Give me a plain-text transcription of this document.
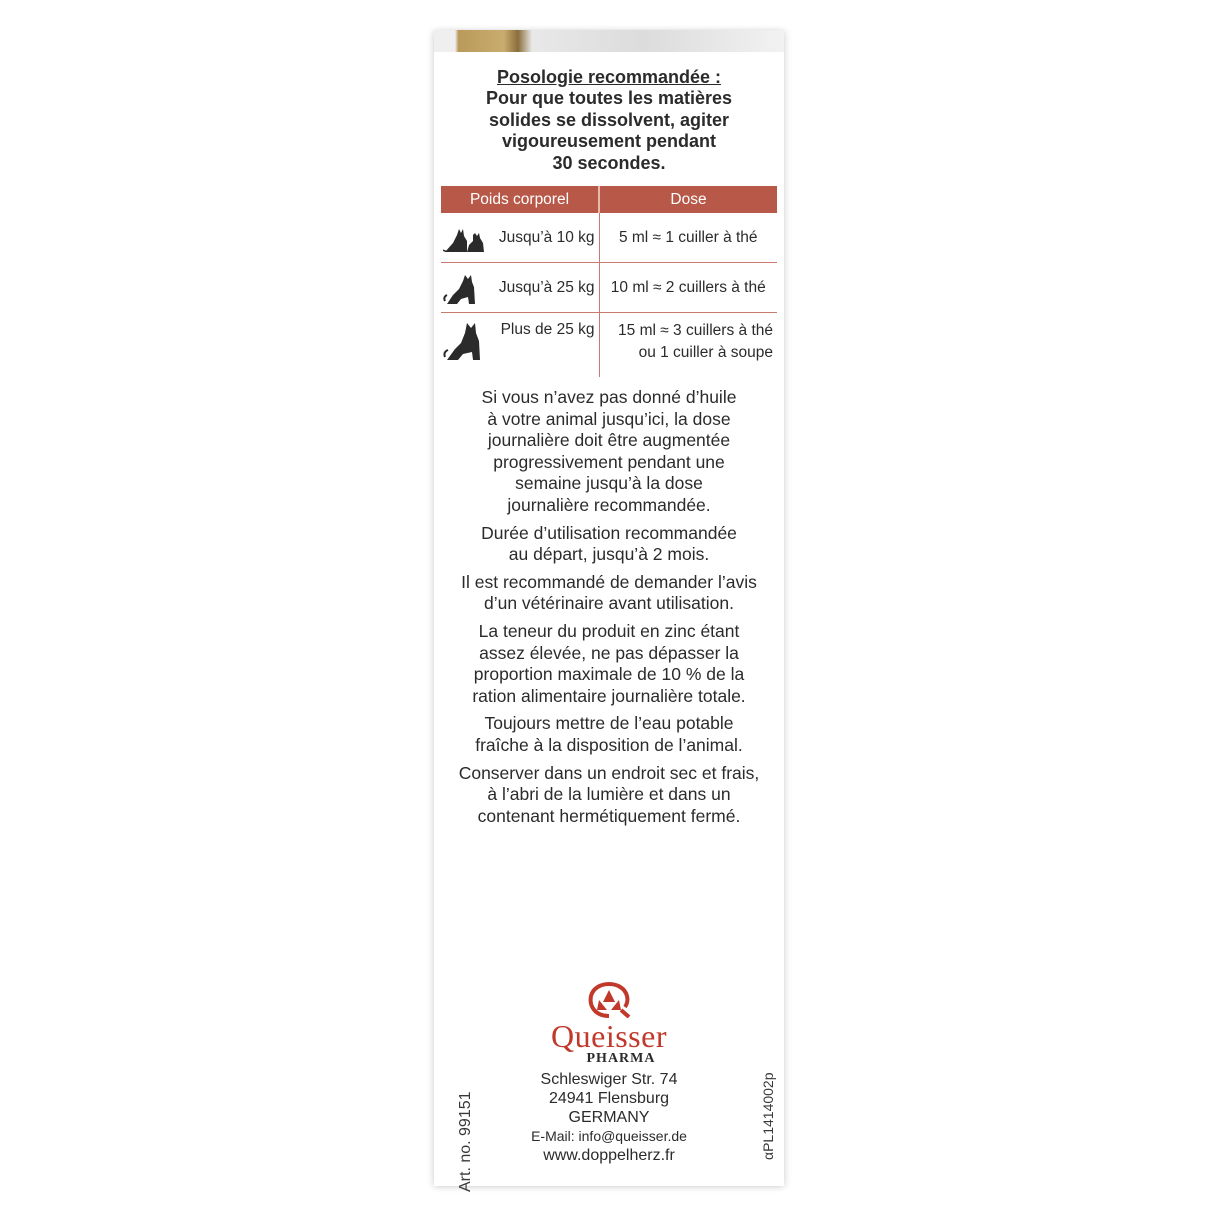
Posologie recommandée :

Pour que toutes les matières
solides se dissolvent, agiter
vigoureusement pendant
30 secondes.

Poids corporel	Dose

Jusqu’à 10 kg	5 ml ≈ 1 cuiller à thé

Jusqu’à 25 kg	10 ml ≈ 2 cuillers à thé

Plus de 25 kg	15 ml ≈ 3 cuillers à thé
ou 1 cuiller à soupe

Si vous n’avez pas donné d’huile
à votre animal jusqu’ici, la dose
journalière doit être augmentée
progressivement pendant une
semaine jusqu’à la dose
journalière recommandée.

Durée d’utilisation recommandée
au départ, jusqu’à 2 mois.

Il est recommandé de demander l’avis
d’un vétérinaire avant utilisation.

La teneur du produit en zinc étant
assez élevée, ne pas dépasser la
proportion maximale de 10 % de la
ration alimentaire journalière totale.

Toujours mettre de l’eau potable
fraîche à la disposition de l’animal.

Conserver dans un endroit sec et frais,
à l’abri de la lumière et dans un
contenant hermétiquement fermé.

Queisser
PHARMA
Schleswiger Str. 74
24941 Flensburg
GERMANY
E-Mail: info@queisser.de
www.doppelherz.fr
Art. no. 99151	αPL1414002p
